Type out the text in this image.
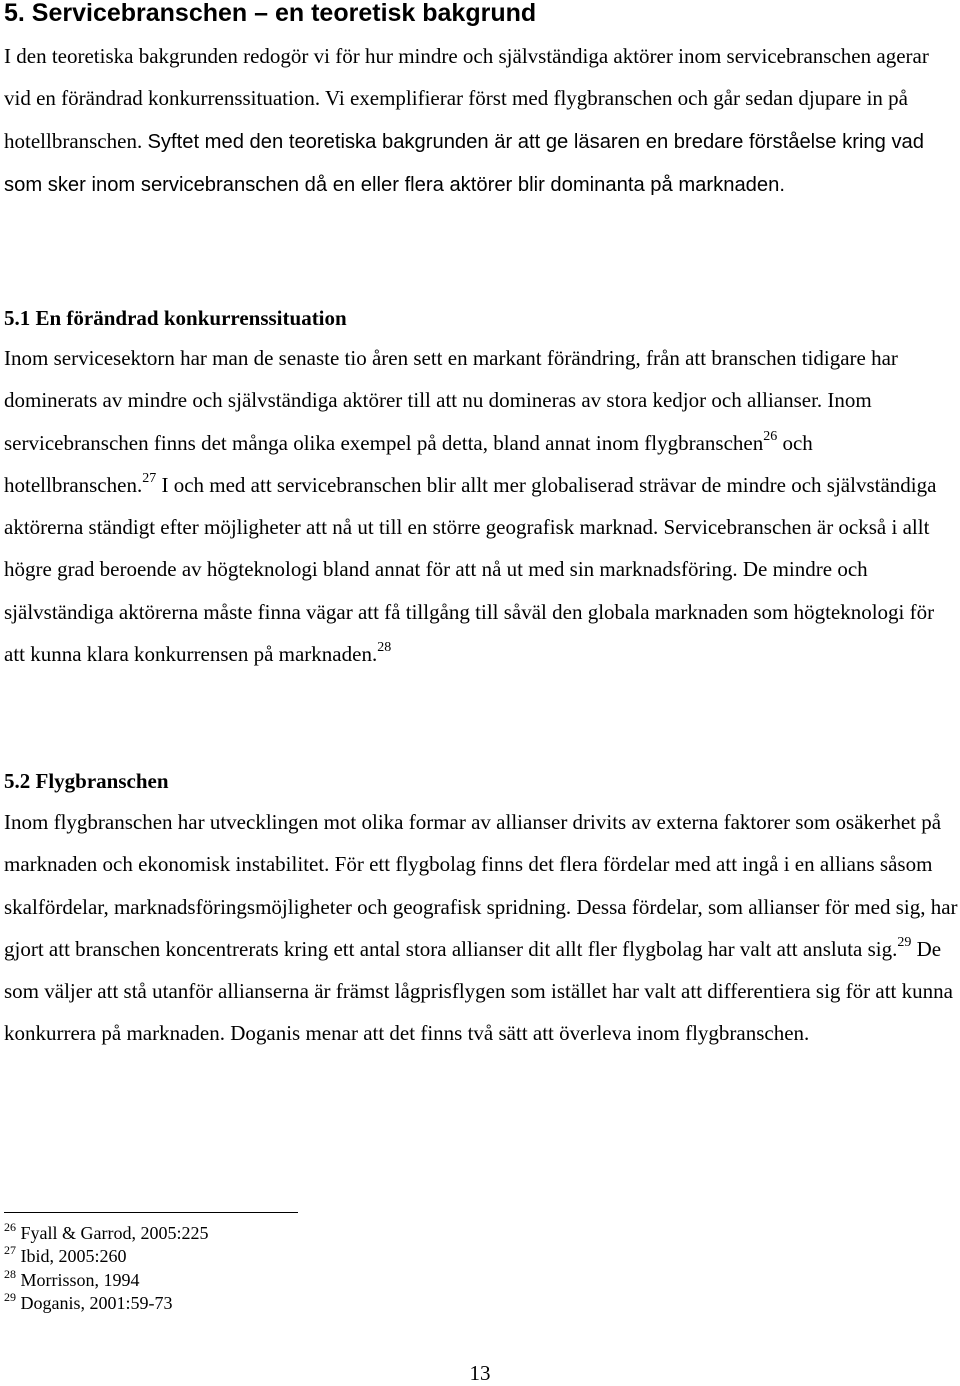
5. Servicebranschen – en teoretisk bakgrund

I den teoretiska bakgrunden redogör vi för hur mindre och självständiga aktörer inom servicebranschen agerar vid en förändrad konkurrenssituation. Vi exemplifierar först med flygbranschen och går sedan djupare in på hotellbranschen. Syftet med den teoretiska bakgrunden är att ge läsaren en bredare förståelse kring vad som sker inom servicebranschen då en eller flera aktörer blir dominanta på marknaden.

5.1 En förändrad konkurrenssituation

Inom servicesektorn har man de senaste tio åren sett en markant förändring, från att branschen tidigare har dominerats av mindre och självständiga aktörer till att nu domineras av stora kedjor och allianser. Inom servicebranschen finns det många olika exempel på detta, bland annat inom flygbranschen$^{26}$ och hotellbranschen.$^{27}$ I och med att servicebranschen blir allt mer globaliserad strävar de mindre och självständiga aktörerna ständigt efter möjligheter att nå ut till en större geografisk marknad. Servicebranschen är också i allt högre grad beroende av högteknologi bland annat för att nå ut med sin marknadsföring. De mindre och självständiga aktörerna måste finna vägar att få tillgång till såväl den globala marknaden som högteknologi för att kunna klara konkurrensen på marknaden.$^{28}$

5.2 Flygbranschen

Inom flygbranschen har utvecklingen mot olika formar av allianser drivits av externa faktorer som osäkerhet på marknaden och ekonomisk instabilitet. För ett flygbolag finns det flera fördelar med att ingå i en allians såsom skalfördelar, marknadsföringsmöjligheter och geografisk spridning. Dessa fördelar, som allianser för med sig, har gjort att branschen koncentrerats kring ett antal stora allianser dit allt fler flygbolag har valt att ansluta sig.$^{29}$ De som väljer att stå utanför allianserna är främst lågprisflygen som istället har valt att differentiera sig för att kunna konkurrera på marknaden. Doganis menar att det finns två sätt att överleva inom flygbranschen.

$^{26}$ Fyall & Garrod, 2005:225
$^{27}$ Ibid, 2005:260
$^{28}$ Morrisson, 1994
$^{29}$ Doganis, 2001:59-73
13
